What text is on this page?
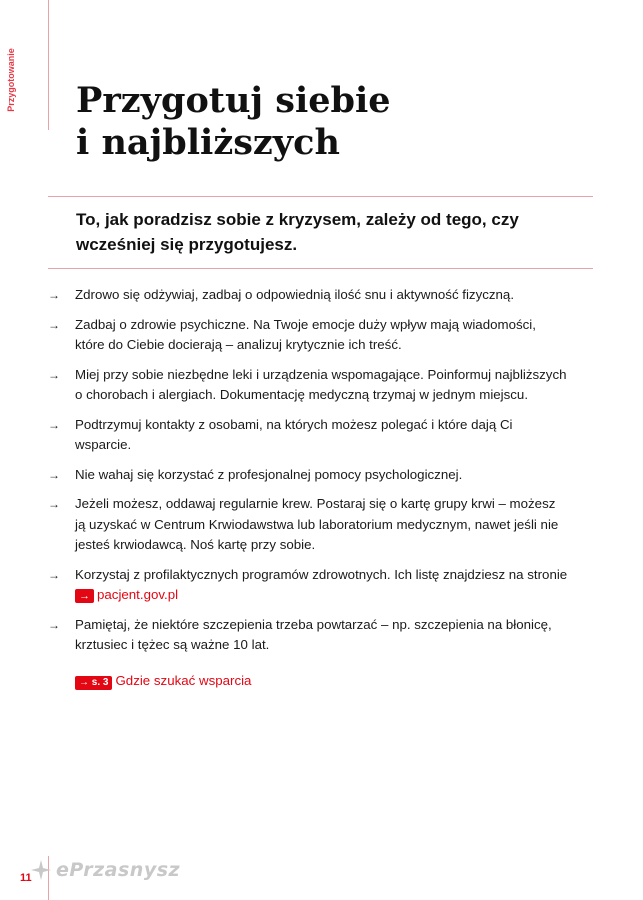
Przygotowanie Przygotuj siebie
i najbliższych

To, jak poradzisz sobie z kryzysem, zależy od tego, czy wcześniej się przygotujesz.

→ Zdrowo się odżywiaj, zadbaj o odpowiednią ilość snu i aktywność fizyczną.
→ Zadbaj o zdrowie psychiczne. Na Twoje emocje duży wpływ mają wiadomości, które do Ciebie docierają – analizuj krytycznie ich treść.
→ Miej przy sobie niezbędne leki i urządzenia wspomagające. Poinformuj najbliższych o chorobach i alergiach. Dokumentację medyczną trzymaj w jednym miejscu.
→ Podtrzymuj kontakty z osobami, na których możesz polegać i które dają Ci wsparcie.
→ Nie wahaj się korzystać z profesjonalnej pomocy psychologicznej.
→ Jeżeli możesz, oddawaj regularnie krew. Postaraj się o kartę grupy krwi – możesz ją uzyskać w Centrum Krwiodawstwa lub laboratorium medycznym, nawet jeśli nie jesteś krwiodawcą. Noś kartę przy sobie.
→ Korzystaj z profilaktycznych programów zdrowotnych. Ich listę znajdziesz na stronie → pacjent.gov.pl
→ Pamiętaj, że niektóre szczepienia trzeba powtarzać – np. szczepienia na błonicę, krztusiec i tężec są ważne 10 lat.
→ s. 3 Gdzie szukać wsparcia
11 ePrzasnysz
